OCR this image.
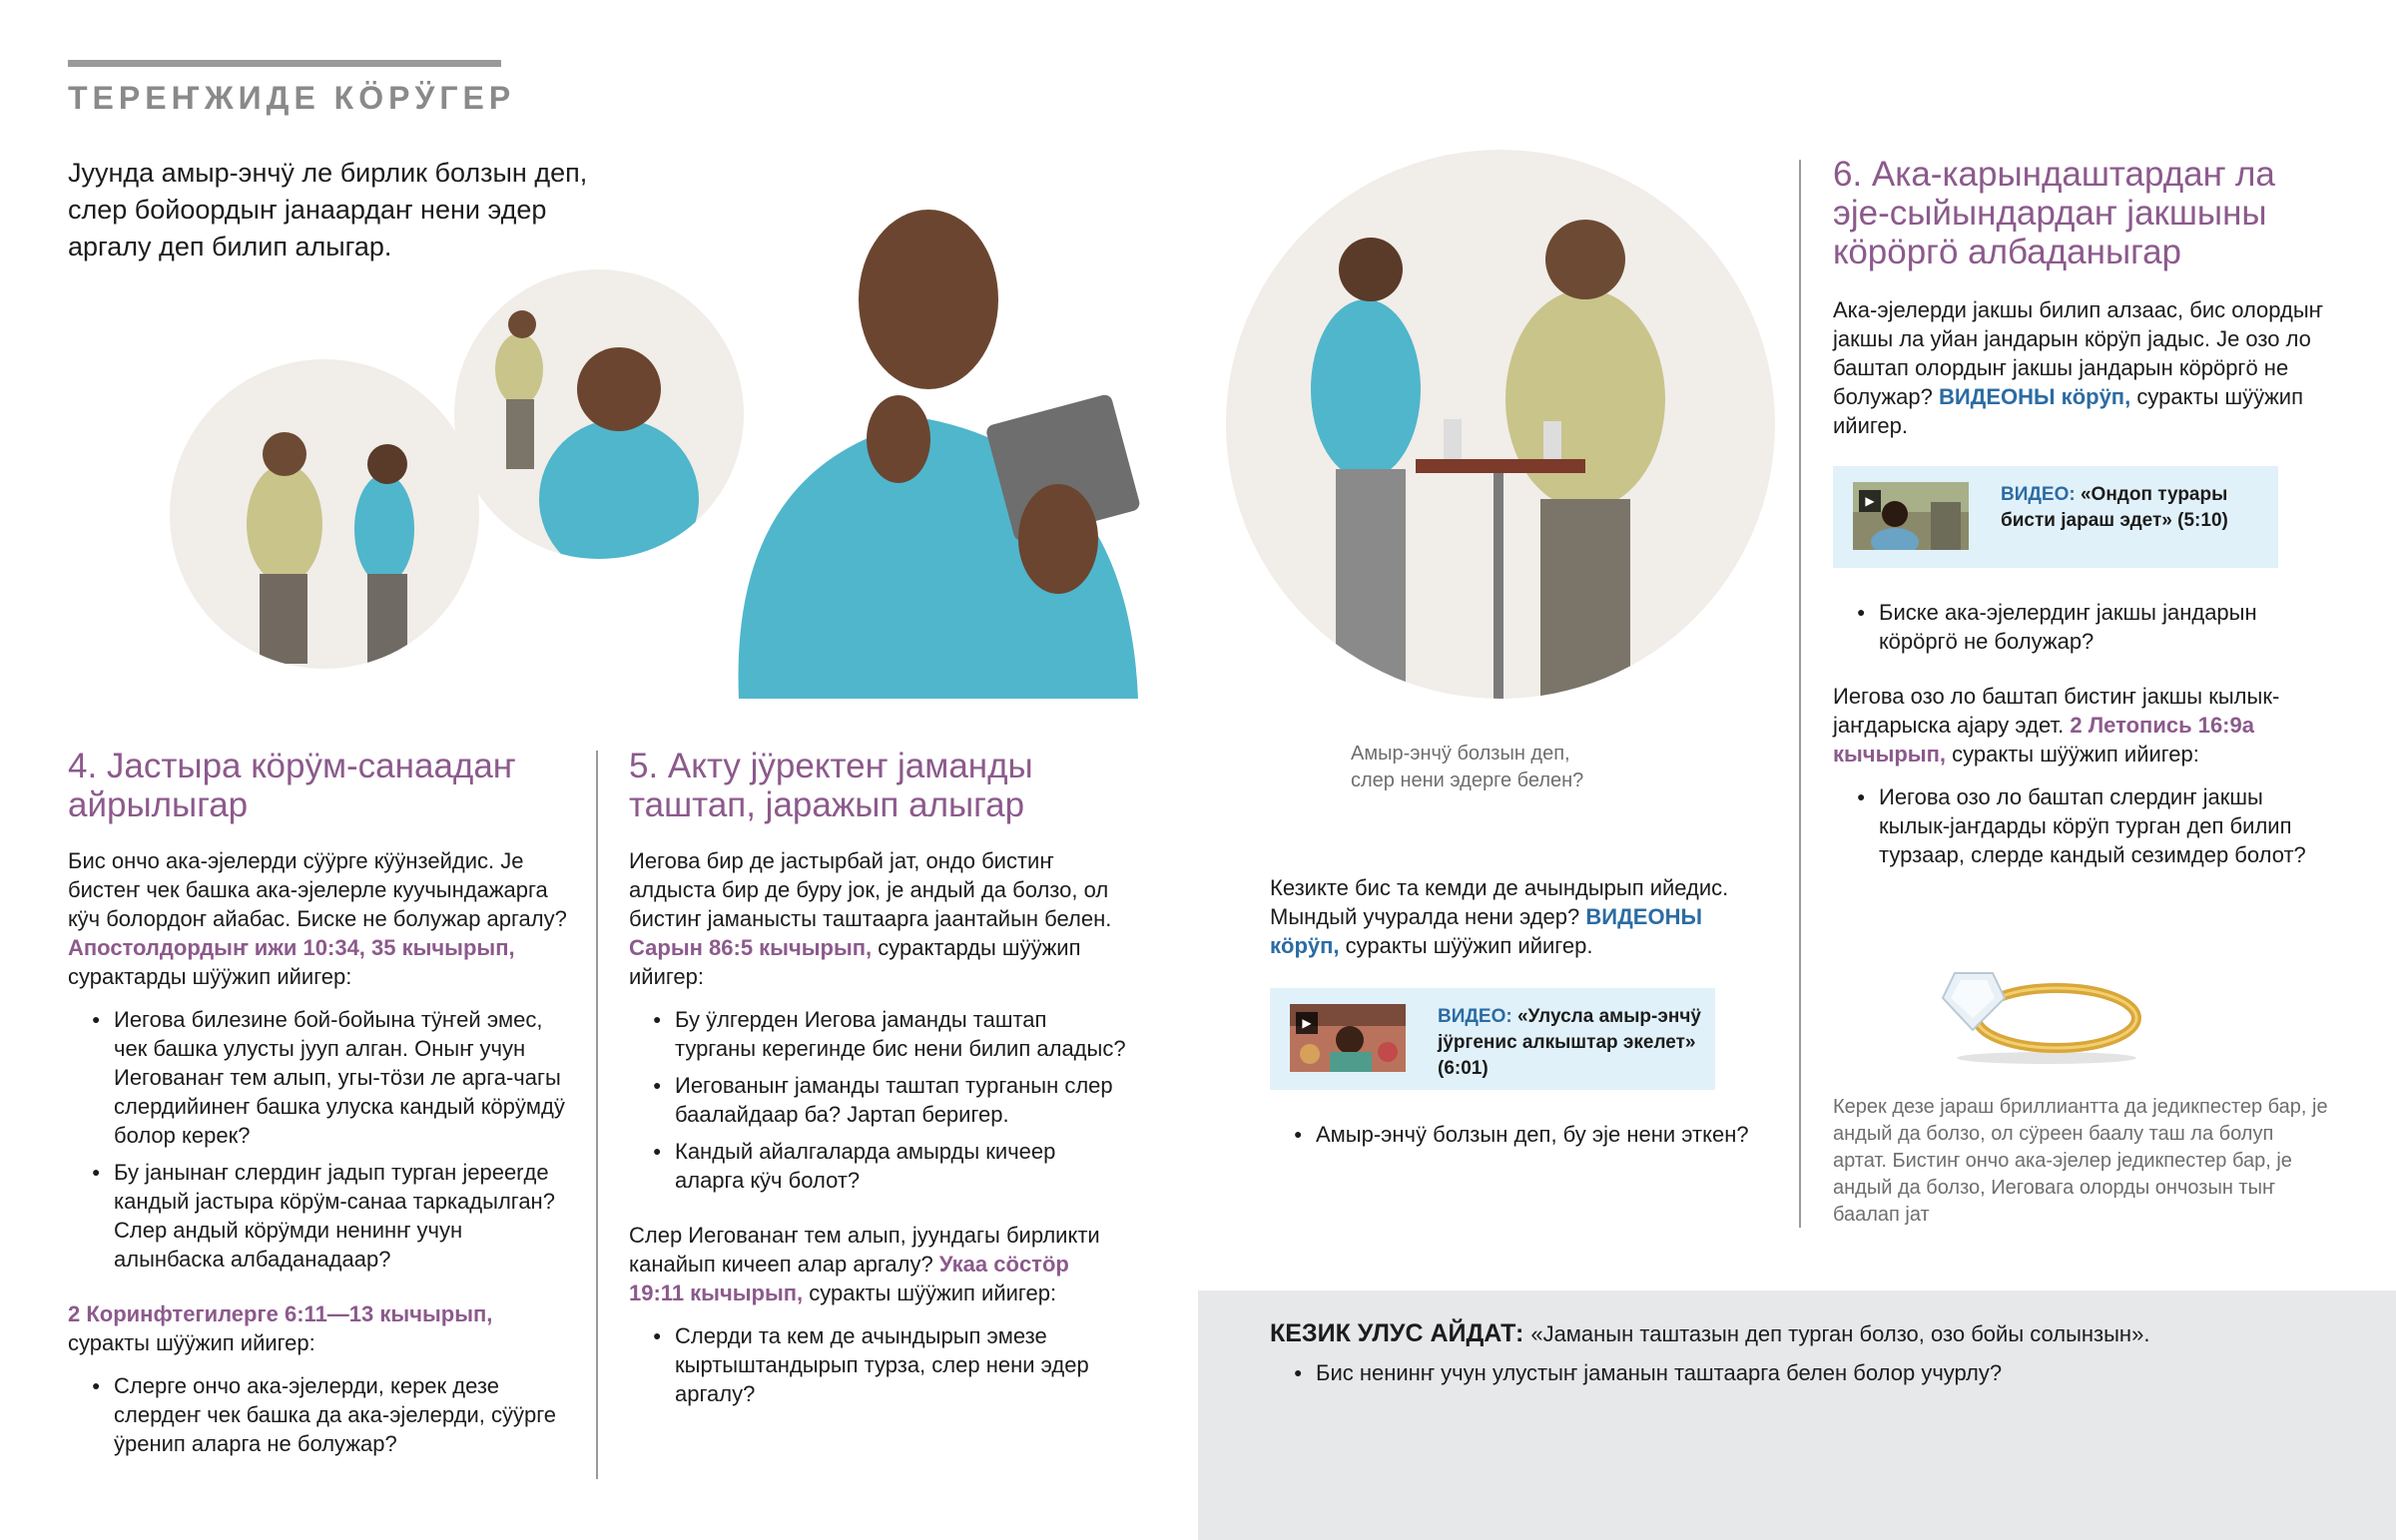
ТЕРЕҤЖИДЕ КӦРӰГЕР
Јуунда амыр-энчӱ ле бирлик болзын деп, слер бойоордыҥ јанаардаҥ нени эдер аргалу деп билип алыгар.
4. Јастыра кӧрӱм-санаадаҥ айрылыгар

Бис ончо ака-эјелерди сӱӱрге кӱӱнзейдис. Је бистеҥ чек башка ака-эјелерле куучындажарга кӱч болордоҥ айабас. Биске не болужар аргалу? Апостолдордыҥ ижи 10:34, 35 кычырып, сурактарды шӱӱжип ийигер:

● Иегова билезине бой-бойына тӱҥей эмес, чек башка улусты јууп алган. Оныҥ учун Иегованаҥ тем алып, угы-тӧзи ле арга-чагы слердийинеҥ башка улуска кандый кӧрӱмдӱ болор керек?
● Бу јанынаҥ слердиҥ јадып турган јерееrде кандый јастыра кӧрӱм-санаа таркадылган? Слер андый кӧрӱмди ненинҥ учун алынбаска албаданадаар?

2 Коринфтегилерге 6:11—13 кычырып, суракты шӱӱжип ийигер:

● Слерге ончо ака-эјелерди, керек дезе слердеҥ чек башка да ака-эјелерди, сӱӱрге ӱренип аларга не болужар?
5. Акту јӱректеҥ јаманды таштап, јаражып алыгар

Иегова бир де јастырбай јат, ондо бистиҥ алдыста бир де буру јок, је андый да болзо, ол бистиҥ јаманысты таштаарга јаантайын белен. Сарын 86:5 кычырып, сурактарды шӱӱжип ийигер:

● Бу ӱлгерден Иегова јаманды таштап турганы керегинде бис нени билип аладыс?
● Иегованыҥ јаманды таштап турганын слер баалайдаар ба? Јартап беригер.
● Кандый айалгаларда амырды кичеep аларга кӱч болот?

Слер Иегованаҥ тем алып, јуундагы бирликти канайып кичееп алар аргалу? Укаа сӧстӧр 19:11 кычырып, суракты шӱӱжип ийигер:

● Слерди та кем де ачындырып эмезе кыртыштандырып турза, слер нени эдер аргалу?
Амыр-энчӱ болзын деп, слер нени эдерге белен?

Кезикте бис та кемди де ачындырып ийедис. Мындый учуралда нени эдер? ВИДЕОНЫ кӧрӱп, суракты шӱӱжип ийигер.

▶	ВИДЕО: «Улусла амыр-энчӱ јӱргенис алкыштар экелет» (6:01)
● Амыр-энчӱ болзын деп, бу эје нени эткен?
6. Ака-карындаштардаҥ ла эје-сыйындардаҥ јакшыны кӧрӧргӧ албаданыгар

Ака-эјелерди јакшы билип алзаас, бис олордыҥ јакшы ла уйан јандарын кӧрӱп јадыс. Је озо ло баштап олордыҥ јакшы јандарын кӧрӧргӧ не болужар? ВИДЕОНЫ кӧрӱп, суракты шӱӱжип ийигер.

▶	ВИДЕО: «Ондоп турары бисти јараш эдет» (5:10)
● Биске ака-эјелердиҥ јакшы јандарын кӧрӧргӧ не болужар?

Иегова озо ло баштап бистиҥ јакшы кылык-јаҥдарыска ајару эдет. 2 Летопись 16:9а кычырып, суракты шӱӱжип ийигер:

● Иегова озо ло баштап слердиҥ јакшы кылык-јаҥдарды кӧрӱп турган деп билип турзаар, слерде кандый сезимдер болот?
Керек дезе јараш бриллиантта да једикпестер бар, је андый да болзо, ол сӱреен баалу таш ла болуп артат. Бистиҥ ончо ака-эјелер једикпестер бар, је андый да болзо, Иеговага олорды ончозын тыҥ баалап јат

КЕЗИК УЛУС АЙДАТ: «Јаманын таштазын деп турган болзо, озо бойы солынзын».

● Бис ненинҥ учун улустыҥ јаманын таштаарга белен болор учурлу?
